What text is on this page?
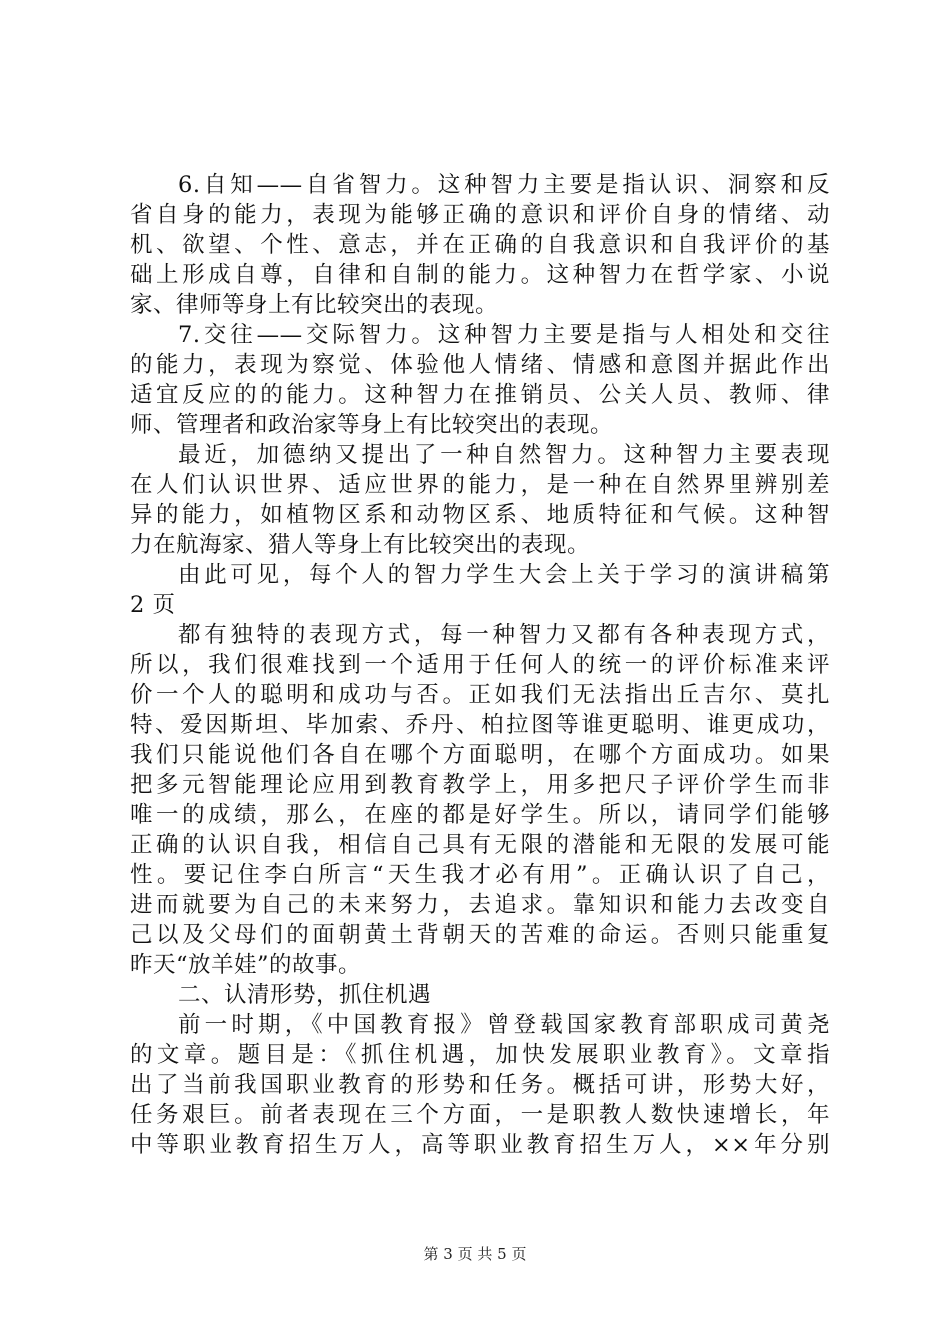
6.自知——自省智力。这种智力主要是指认识、洞察和反
省自身的能力，表现为能够正确的意识和评价自身的情绪、动
机、欲望、个性、意志，并在正确的自我意识和自我评价的基
础上形成自尊，自律和自制的能力。这种智力在哲学家、小说
家、律师等身上有比较突出的表现。
7.交往——交际智力。这种智力主要是指与人相处和交往
的能力，表现为察觉、体验他人情绪、情感和意图并据此作出
适宜反应的的能力。这种智力在推销员、公关人员、教师、律
师、管理者和政治家等身上有比较突出的表现。
最近，加德纳又提出了一种自然智力。这种智力主要表现
在人们认识世界、适应世界的能力，是一种在自然界里辨别差
异的能力，如植物区系和动物区系、地质特征和气候。这种智
力在航海家、猎人等身上有比较突出的表现。
由此可见，每个人的智力学生大会上关于学习的演讲稿第
2 页
都有独特的表现方式，每一种智力又都有各种表现方式，
所以，我们很难找到一个适用于任何人的统一的评价标准来评
价一个人的聪明和成功与否。正如我们无法指出丘吉尔、莫扎
特、爱因斯坦、毕加索、乔丹、柏拉图等谁更聪明、谁更成功，
我们只能说他们各自在哪个方面聪明，在哪个方面成功。如果
把多元智能理论应用到教育教学上，用多把尺子评价学生而非
唯一的成绩，那么，在座的都是好学生。所以，请同学们能够
正确的认识自我，相信自己具有无限的潜能和无限的发展可能
性。要记住李白所言“天生我才必有用”。正确认识了自己，
进而就要为自己的未来努力，去追求。靠知识和能力去改变自
己以及父母们的面朝黄土背朝天的苦难的命运。否则只能重复
昨天“放羊娃”的故事。
二、认清形势，抓住机遇
前一时期，《中国教育报》曾登载国家教育部职成司黄尧
的文章。题目是：《抓住机遇，加快发展职业教育》。文章指
出了当前我国职业教育的形势和任务。概括可讲，形势大好，
任务艰巨。前者表现在三个方面，一是职教人数快速增长，年
中等职业教育招生万人，高等职业教育招生万人，××年分别
第 3 页 共 5 页
